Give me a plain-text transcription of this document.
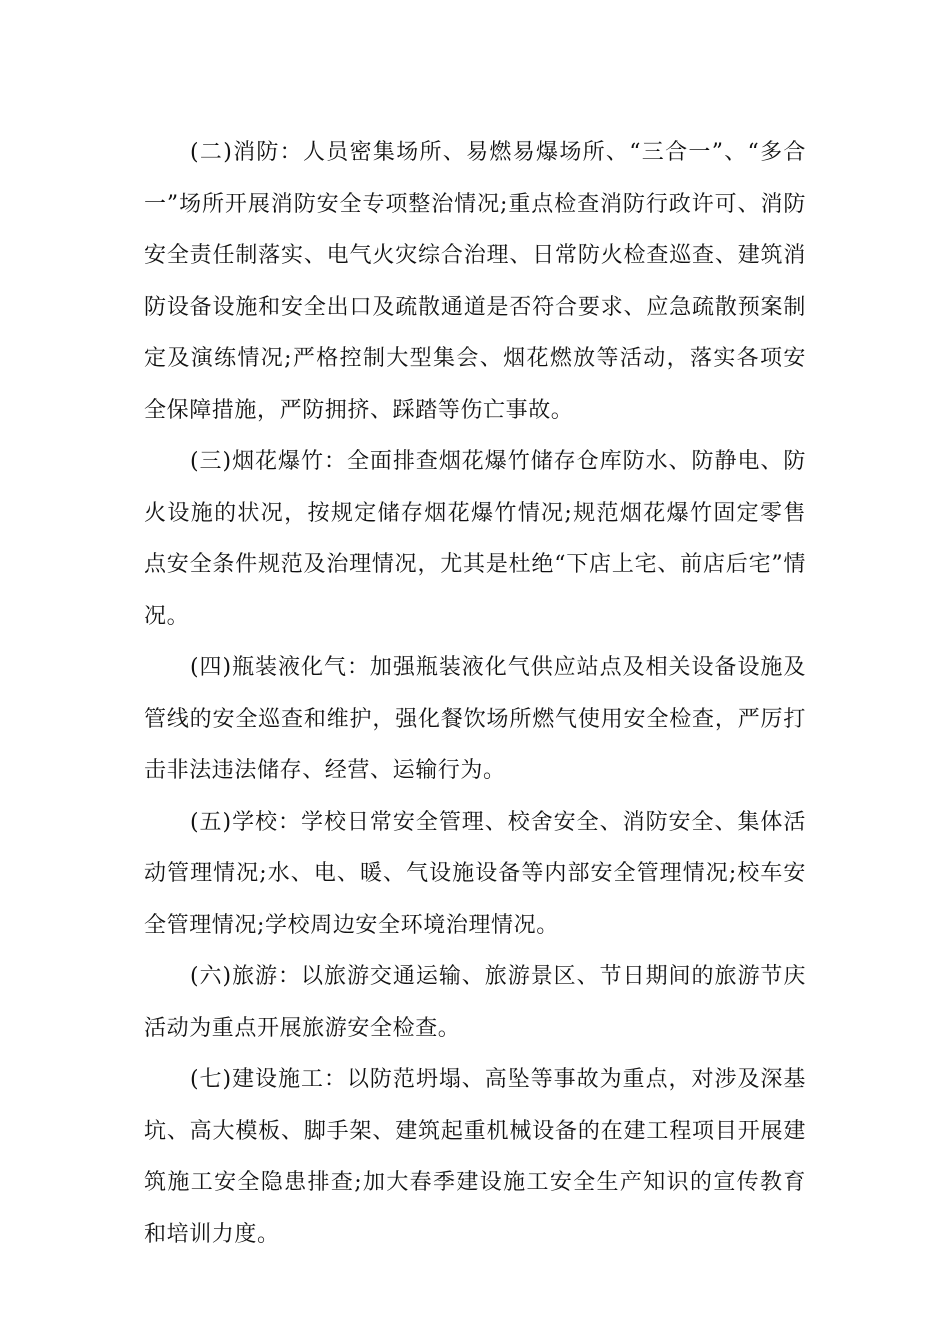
(二)消防：人员密集场所、易燃易爆场所、“三合一”、“多合一”场所开展消防安全专项整治情况;重点检查消防行政许可、消防安全责任制落实、电气火灾综合治理、日常防火检查巡查、建筑消防设备设施和安全出口及疏散通道是否符合要求、应急疏散预案制定及演练情况;严格控制大型集会、烟花燃放等活动，落实各项安全保障措施，严防拥挤、踩踏等伤亡事故。

(三)烟花爆竹：全面排查烟花爆竹储存仓库防水、防静电、防火设施的状况，按规定储存烟花爆竹情况;规范烟花爆竹固定零售点安全条件规范及治理情况，尤其是杜绝“下店上宅、前店后宅”情况。

(四)瓶装液化气：加强瓶装液化气供应站点及相关设备设施及管线的安全巡查和维护，强化餐饮场所燃气使用安全检查，严厉打击非法违法储存、经营、运输行为。

(五)学校：学校日常安全管理、校舍安全、消防安全、集体活动管理情况;水、电、暖、气设施设备等内部安全管理情况;校车安全管理情况;学校周边安全环境治理情况。

(六)旅游：以旅游交通运输、旅游景区、节日期间的旅游节庆活动为重点开展旅游安全检查。

(七)建设施工：以防范坍塌、高坠等事故为重点，对涉及深基坑、高大模板、脚手架、建筑起重机械设备的在建工程项目开展建筑施工安全隐患排查;加大春季建设施工安全生产知识的宣传教育和培训力度。
